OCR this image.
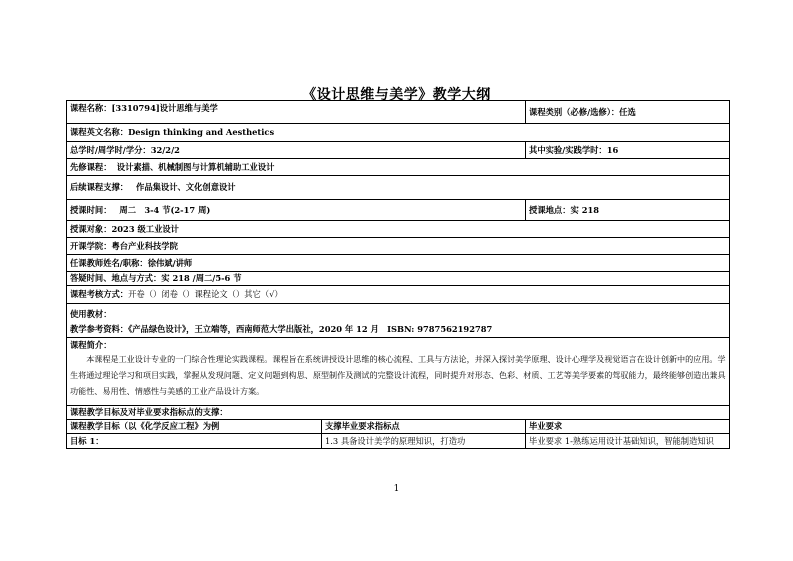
《设计思维与美学》教学大纲
课程名称：[3310794]设计思维与美学		课程类别（必修/选修）：任选
课程英文名称：Design thinking and Aesthetics		
总学时/周学时/学分：32/2/2		其中实验/实践学时：16
先修课程： 设计素描、机械制图与计算机辅助工业设计		
后续课程支撑： 作品集设计、文化创意设计		
授课时间： 周二　3-4 节(2-17 周)		授课地点：实 218
授课对象：2023 级工业设计		
开课学院：粤台产业科技学院		
任课教师姓名/职称：徐伟斌/讲师		
答疑时间、地点与方式：实 218 /周二/5-6 节		
课程考核方式：开卷（）闭卷（）课程论文（）其它（√）		

使用教材：
教学参考资料：《产品绿色设计》，王立端等，西南师范大学出版社，2020 年 12 月　ISBN: 9787562192787		

课程简介：
本课程是工业设计专业的一门综合性理论实践课程。课程旨在系统讲授设计思维的核心流程、工具与方法论，并深入探讨美学原理、设计心理学及视觉语言在设计创新中的应用。学生将通过理论学习和项目实践，掌握从发现问题、定义问题到构思、原型制作及测试的完整设计流程，同时提升对形态、色彩、材质、工艺等美学要素的驾驭能力，最终能够创造出兼具功能性、易用性、情感性与美感的工业产品设计方案。		

课程教学目标及对毕业要求指标点的支撑：		
课程教学目标（以《化学反应工程》为例	支撑毕业要求指标点	毕业要求
目标 1：	1.3 具备设计美学的原理知识，打造功	毕业要求 1-熟练运用设计基础知识，智能制造知识
1
